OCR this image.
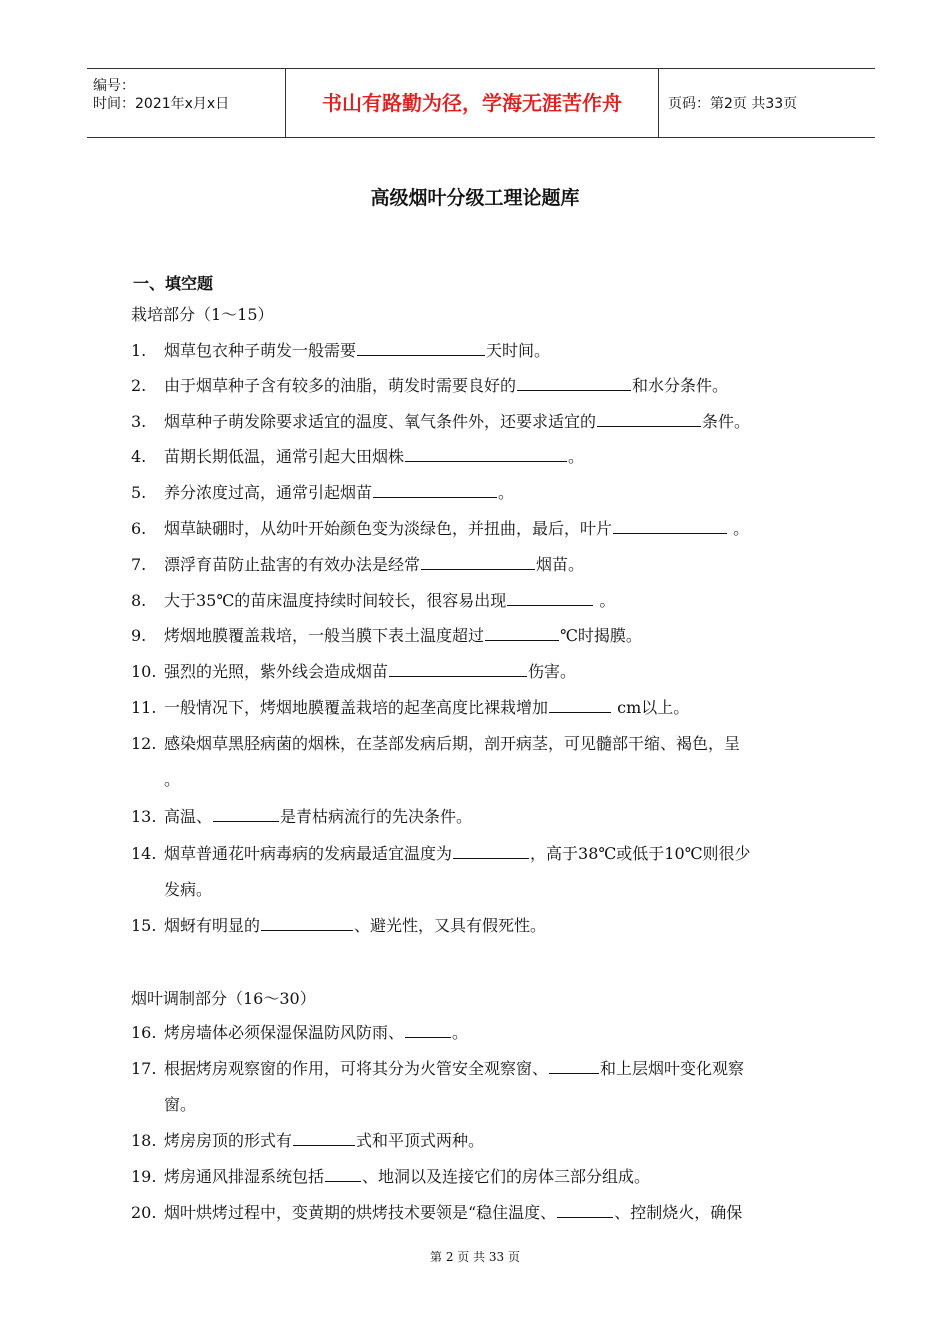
编号：
时间：2021年x月x日	书山有路勤为径，学海无涯苦作舟	页码：第2页 共33页
高级烟叶分级工理论题库
一、填空题
栽培部分（1～15）
1. 烟草包衣种子萌发一般需要	天时间。
2. 由于烟草种子含有较多的油脂，萌发时需要良好的	和水分条件。
3. 烟草种子萌发除要求适宜的温度、氧气条件外，还要求适宜的	条件。
4. 苗期长期低温，通常引起大田烟株	。
5. 养分浓度过高，通常引起烟苗	。
6. 烟草缺硼时，从幼叶开始颜色变为淡绿色，并扭曲，最后，叶片	。
7. 漂浮育苗防止盐害的有效办法是经常	烟苗。
8. 大于35℃的苗床温度持续时间较长，很容易出现	。
9. 烤烟地膜覆盖栽培，一般当膜下表土温度超过	℃时揭膜。
10. 强烈的光照，紫外线会造成烟苗	伤害。
11. 一般情况下，烤烟地膜覆盖栽培的起垄高度比裸栽增加	cm以上。
12. 感染烟草黑胫病菌的烟株，在茎部发病后期，剖开病茎，可见髓部干缩、褐色，呈
。
13. 高温、	是青枯病流行的先决条件。
14. 烟草普通花叶病毒病的发病最适宜温度为	，高于38℃或低于10℃则很少
发病。
15. 烟蚜有明显的	、避光性，又具有假死性。
16. 烤房墙体必须保湿保温防风防雨、	。
17. 根据烤房观察窗的作用，可将其分为火管安全观察窗、	和上层烟叶变化观察
窗。
18. 烤房房顶的形式有	式和平顶式两种。
19. 烤房通风排湿系统包括 、地洞以及连接它们的房体三部分组成。
20. 烟叶烘烤过程中，变黄期的烘烤技术要领是“稳住温度、	、控制烧火，确保
烟叶调制部分（16～30）
第 2 页 共 33 页
